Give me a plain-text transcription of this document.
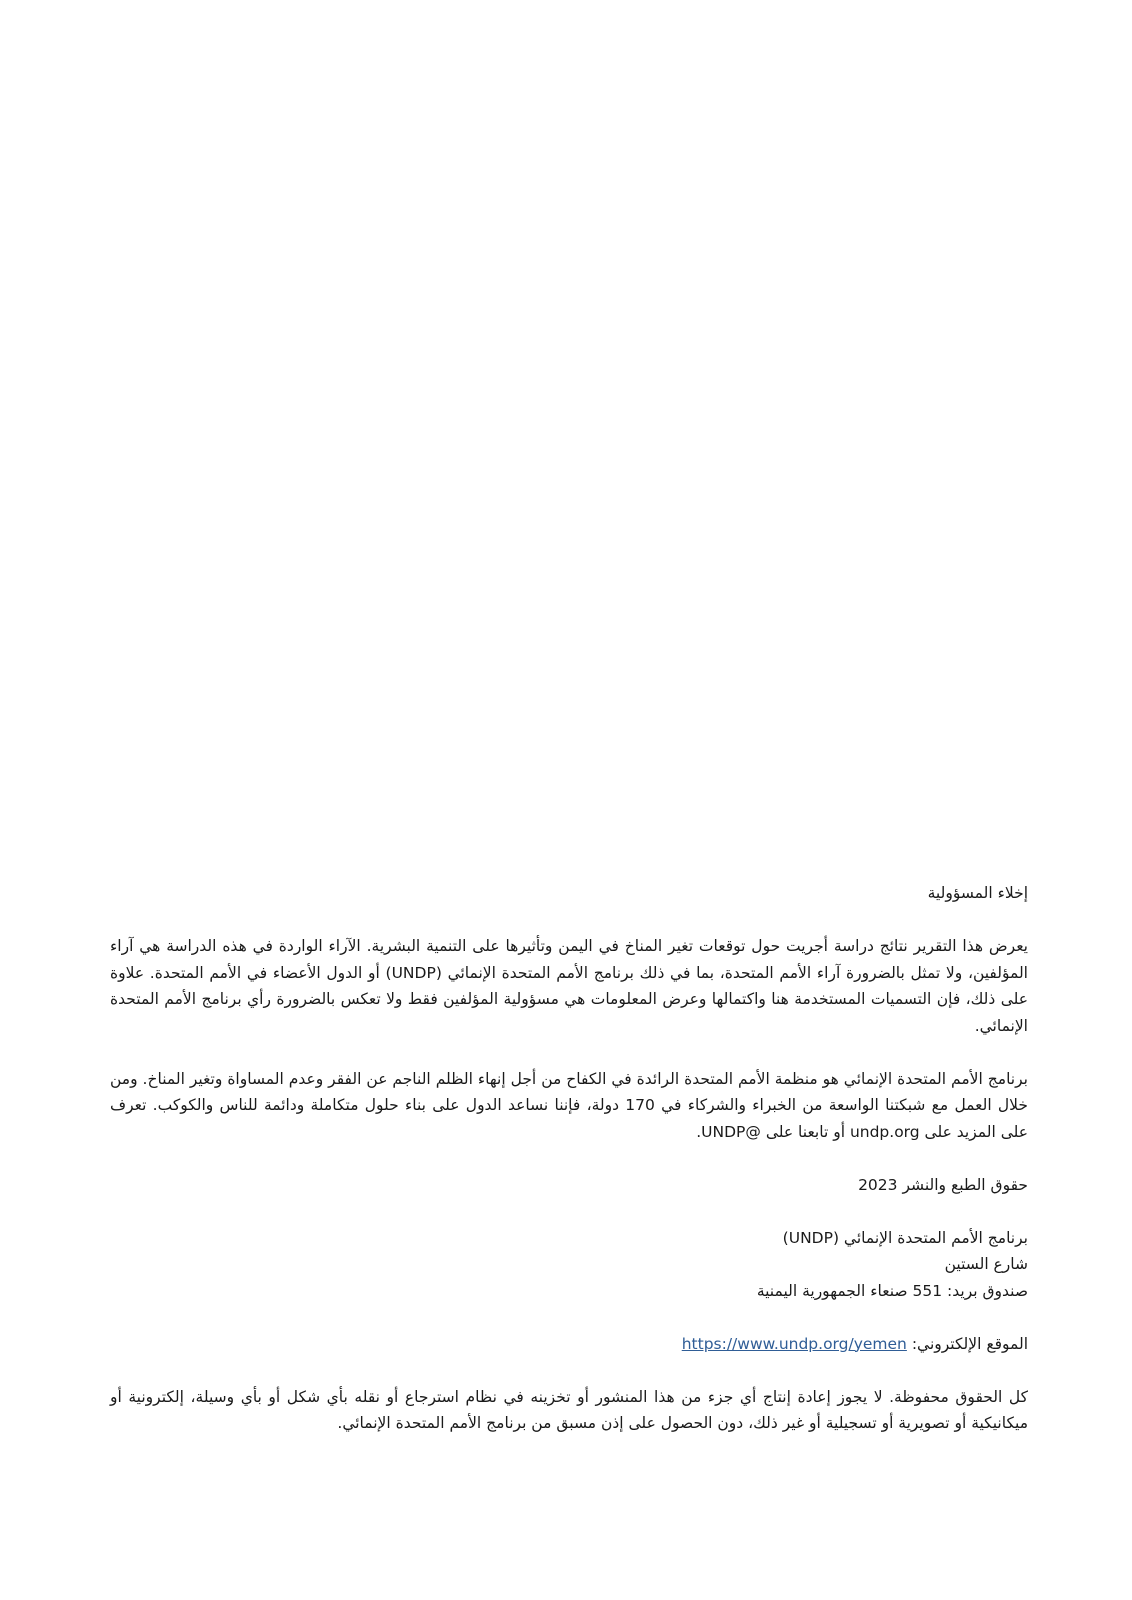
إخلاء المسؤولية

يعرض هذا التقرير نتائج دراسة أجريت حول توقعات تغير المناخ في اليمن وتأثيرها على التنمية البشرية. الآراء الواردة في هذه الدراسة هي آراء المؤلفين، ولا تمثل بالضرورة آراء الأمم المتحدة، بما في ذلك برنامج الأمم المتحدة الإنمائي (UNDP) أو الدول الأعضاء في الأمم المتحدة. علاوة على ذلك، فإن التسميات المستخدمة هنا واكتمالها وعرض المعلومات هي مسؤولية المؤلفين فقط ولا تعكس بالضرورة رأي برنامج الأمم المتحدة الإنمائي.

برنامج الأمم المتحدة الإنمائي هو منظمة الأمم المتحدة الرائدة في الكفاح من أجل إنهاء الظلم الناجم عن الفقر وعدم المساواة وتغير المناخ. ومن خلال العمل مع شبكتنا الواسعة من الخبراء والشركاء في 170 دولة، فإننا نساعد الدول على بناء حلول متكاملة ودائمة للناس والكوكب. تعرف على المزيد على undp.org أو تابعنا على @UNDP.

حقوق الطبع والنشر 2023

برنامج الأمم المتحدة الإنمائي (UNDP)

شارع الستين

صندوق بريد: 551 صنعاء الجمهورية اليمنية

الموقع الإلكتروني: https://www.undp.org/yemen

كل الحقوق محفوظة. لا يجوز إعادة إنتاج أي جزء من هذا المنشور أو تخزينه في نظام استرجاع أو نقله بأي شكل أو بأي وسيلة، إلكترونية أو ميكانيكية أو تصويرية أو تسجيلية أو غير ذلك، دون الحصول على إذن مسبق من برنامج الأمم المتحدة الإنمائي.
